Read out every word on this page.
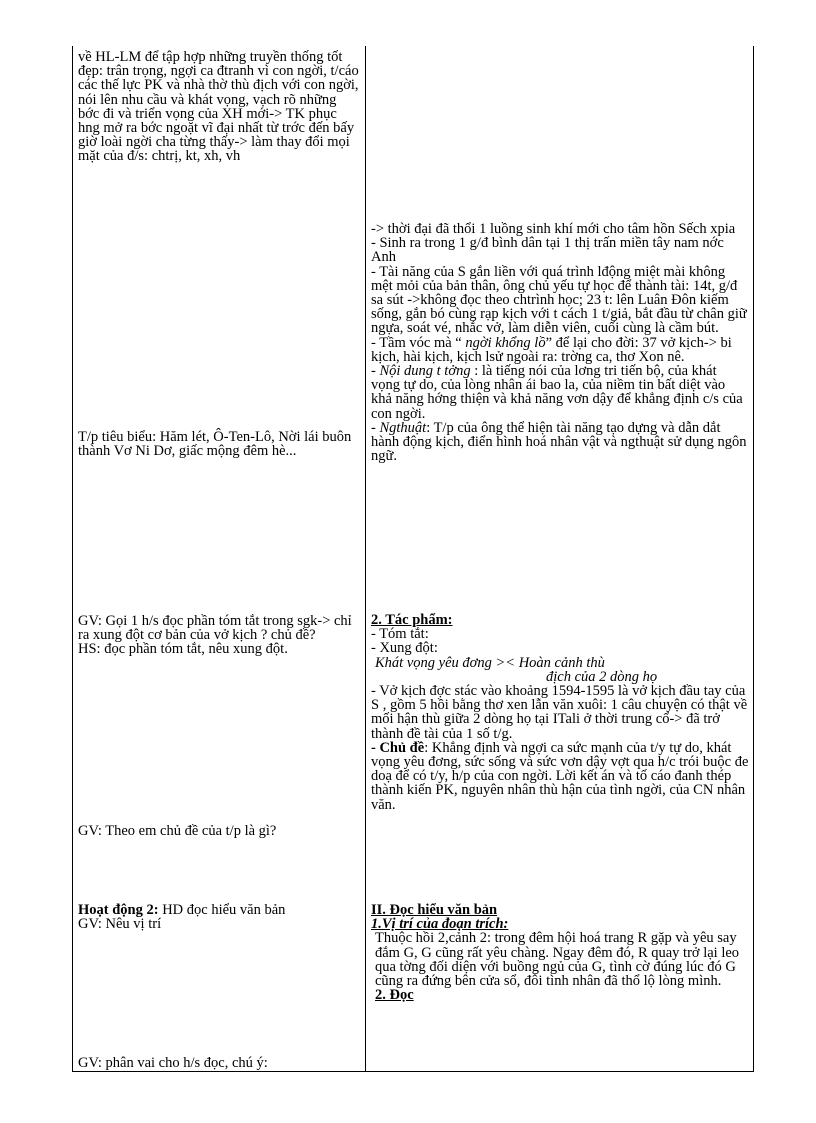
về HL-LM để tập hợp những truyền thống tốt đẹp: trân trọng, ngợi ca đtranh vì con ngời, t/cáo các thế lực PK và nhà thờ thù địch với con ngời, nói lên nhu cầu và khát vọng, vạch rõ những bớc đi và triển vọng của XH mới-> TK phục hng mở ra bớc ngoặt vĩ đại nhất từ trớc đến bấy giờ loài ngời cha từng thấy-> làm thay đổi mọi mặt của đ/s: chtrị, kt, xh, vh

T/p tiêu biểu: Hăm lét, Ô-Ten-Lô, Nời lái buôn thành Vơ Ni Dơ, giấc mộng đêm hè...

GV: Gọi 1 h/s đọc phần tóm tắt trong sgk-> chỉ ra xung đột cơ bản của vở kịch ? chủ đề?

HS: đọc phần tóm tắt, nêu xung đột.

GV: Theo em chủ đề của t/p là gì?

Hoạt động 2: HD đọc hiểu văn bản

GV: Nêu vị trí

GV: phân vai cho h/s đọc, chú ý:

-> thời đại đã thổi 1 luồng sinh khí mới cho tâm hồn Sếch xpia

- Sinh ra trong 1 g/đ bình dân tại 1 thị trấn miền tây nam nớc Anh

- Tài năng của S gắn liền với quá trình lđộng miệt mài không mệt mỏi của bản thân, ông chủ yếu tự học để thành tài: 14t, g/đ sa sút ->không đọc theo chtrình học; 23 t: lên Luân Đôn kiếm sống, gắn bó cùng rạp kịch với t cách 1 t/giả, bắt đầu từ chân giữ ngựa, soát vé, nhắc vở, làm diễn viên, cuối cùng là cầm bút.

- Tầm vóc mà “ ngời khổng lồ” để lại cho đời: 37 vở kịch-> bi kịch, hài kịch, kịch lsử ngoài ra: trờng ca, thơ Xon nê.

- Nội dung t tởng : là tiếng nói của lơng tri tiến bộ, của khát vọng tự do, của lòng nhân ái bao la, của niềm tin bất diệt vào khả năng hớng thiện và khả năng vơn dậy để khẳng định c/s của con ngời.

- Ngthuật: T/p của ông thể hiện tài năng tạo dựng và dẫn dắt hành động kịch, điển hình hoá nhân vật và ngthuật sử dụng ngôn ngữ.

2. Tác phẩm:

- Tóm tắt:

- Xung đột:

Khát vọng yêu đơng >< Hoàn cảnh thù

địch của 2 dòng họ

- Vở kịch đợc stác vào khoảng 1594-1595 là vở kịch đầu tay của S , gồm 5 hồi bằng thơ xen lẫn văn xuôi: 1 câu chuyện có thật về mối hận thù giữa 2 dòng họ tại ITali ở thời trung cổ-> đã trở thành đề tài của 1 số t/g.

- Chủ đề: Khẳng định và ngợi ca sức mạnh của t/y tự do, khát vọng yêu đơng, sức sống và sức vơn dậy vợt qua h/c trói buộc đe doạ để có t/y, h/p của con ngời. Lời kết án và tố cáo đanh thép thành kiến PK, nguyên nhân thù hận của tình ngời, của CN nhân văn.

II. Đọc hiểu văn bản

1.Vị trí của đoạn trích:

Thuộc hồi 2,cảnh 2: trong đêm hội hoá trang R gặp và yêu say đắm G, G cũng rất yêu chàng. Ngay đêm đó, R quay trở lại leo qua tờng đối diện với buồng ngủ của G, tình cờ đúng lúc đó G cũng ra đứng bên cửa sổ, đôi tình nhân đã thổ lộ lòng mình.

2. Đọc
